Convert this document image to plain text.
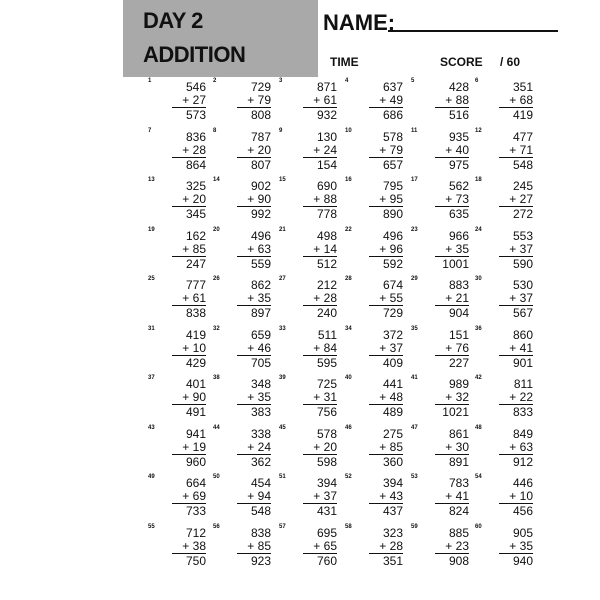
DAY 2
ADDITION
NAME:
TIME	SCORE / 60
1	546
+ 27
573
2	729
+ 79
808
3	871
+ 61
932
4	637
+ 49
686
5	428
+ 88
516
6	351
+ 68
419
7	836
+ 28
864
8	787
+ 20
807
9	130
+ 24
154
10	578
+ 79
657
11	935
+ 40
975
12	477
+ 71
548
13	325
+ 20
345
14	902
+ 90
992
15	690
+ 88
778
16	795
+ 95
890
17	562
+ 73
635
18	245
+ 27
272
19	162
+ 85
247
20	496
+ 63
559
21	498
+ 14
512
22	496
+ 96
592
23	966
+ 35
1001
24	553
+ 37
590
25	777
+ 61
838
26	862
+ 35
897
27	212
+ 28
240
28	674
+ 55
729
29	883
+ 21
904
30	530
+ 37
567
31	419
+ 10
429
32	659
+ 46
705
33	511
+ 84
595
34	372
+ 37
409
35	151
+ 76
227
36	860
+ 41
901
37	401
+ 90
491
38	348
+ 35
383
39	725
+ 31
756
40	441
+ 48
489
41	989
+ 32
1021
42	811
+ 22
833
43	941
+ 19
960
44	338
+ 24
362
45	578
+ 20
598
46	275
+ 85
360
47	861
+ 30
891
48	849
+ 63
912
49	664
+ 69
733
50	454
+ 94
548
51	394
+ 37
431
52	394
+ 43
437
53	783
+ 41
824
54	446
+ 10
456
55	712
+ 38
750
56	838
+ 85
923
57	695
+ 65
760
58	323
+ 28
351
59	885
+ 23
908
60	905
+ 35
940
